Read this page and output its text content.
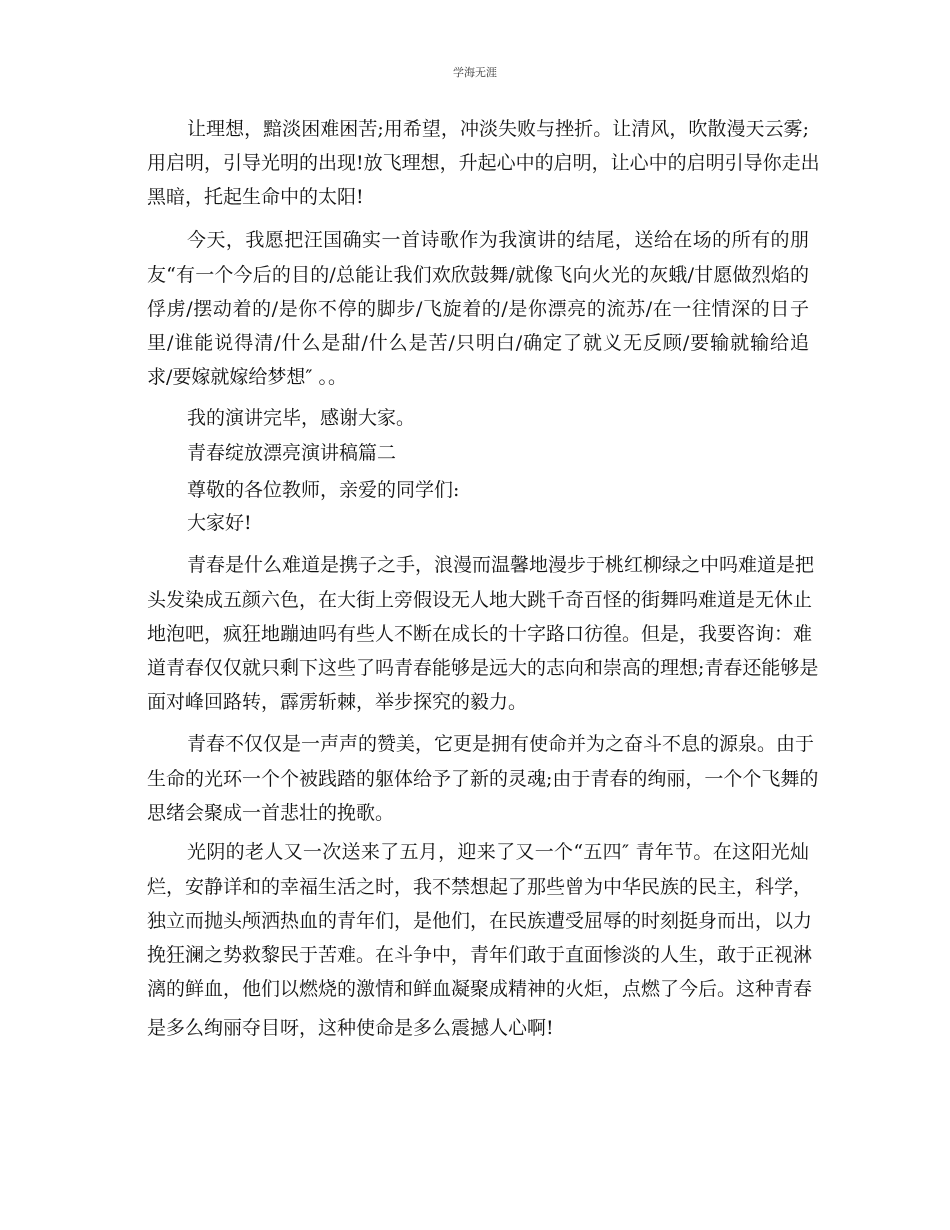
学海无涯
让理想，黯淡困难困苦;用希望，冲淡失败与挫折。让清风，吹散漫天云雾;
用启明，引导光明的出现!放飞理想，升起心中的启明，让心中的启明引导你走出
黑暗，托起生命中的太阳!
今天，我愿把汪国确实一首诗歌作为我演讲的结尾，送给在场的所有的朋
友“有一个今后的目的/总能让我们欢欣鼓舞/就像飞向火光的灰蛾/甘愿做烈焰的
俘虏/摆动着的/是你不停的脚步/飞旋着的/是你漂亮的流苏/在一往情深的日子
里/谁能说得清/什么是甜/什么是苦/只明白/确定了就义无反顾/要输就输给追
求/要嫁就嫁给梦想″ 。。
我的演讲完毕，感谢大家。
青春绽放漂亮演讲稿篇二
尊敬的各位教师，亲爱的同学们:
大家好!
青春是什么难道是携子之手，浪漫而温馨地漫步于桃红柳绿之中吗难道是把
头发染成五颜六色，在大街上旁假设无人地大跳千奇百怪的街舞吗难道是无休止
地泡吧，疯狂地蹦迪吗有些人不断在成长的十字路口彷徨。但是，我要咨询：难
道青春仅仅就只剩下这些了吗青春能够是远大的志向和崇高的理想;青春还能够是
面对峰回路转，霹雳斩棘，举步探究的毅力。
青春不仅仅是一声声的赞美，它更是拥有使命并为之奋斗不息的源泉。由于
生命的光环一个个被践踏的躯体给予了新的灵魂;由于青春的绚丽，一个个飞舞的
思绪会聚成一首悲壮的挽歌。
光阴的老人又一次送来了五月，迎来了又一个“五四″ 青年节。在这阳光灿
烂，安静详和的幸福生活之时，我不禁想起了那些曾为中华民族的民主，科学，
独立而抛头颅洒热血的青年们，是他们，在民族遭受屈辱的时刻挺身而出，以力
挽狂澜之势救黎民于苦难。在斗争中，青年们敢于直面惨淡的人生，敢于正视淋
漓的鲜血，他们以燃烧的激情和鲜血凝聚成精神的火炬，点燃了今后。这种青春
是多么绚丽夺目呀，这种使命是多么震撼人心啊!
